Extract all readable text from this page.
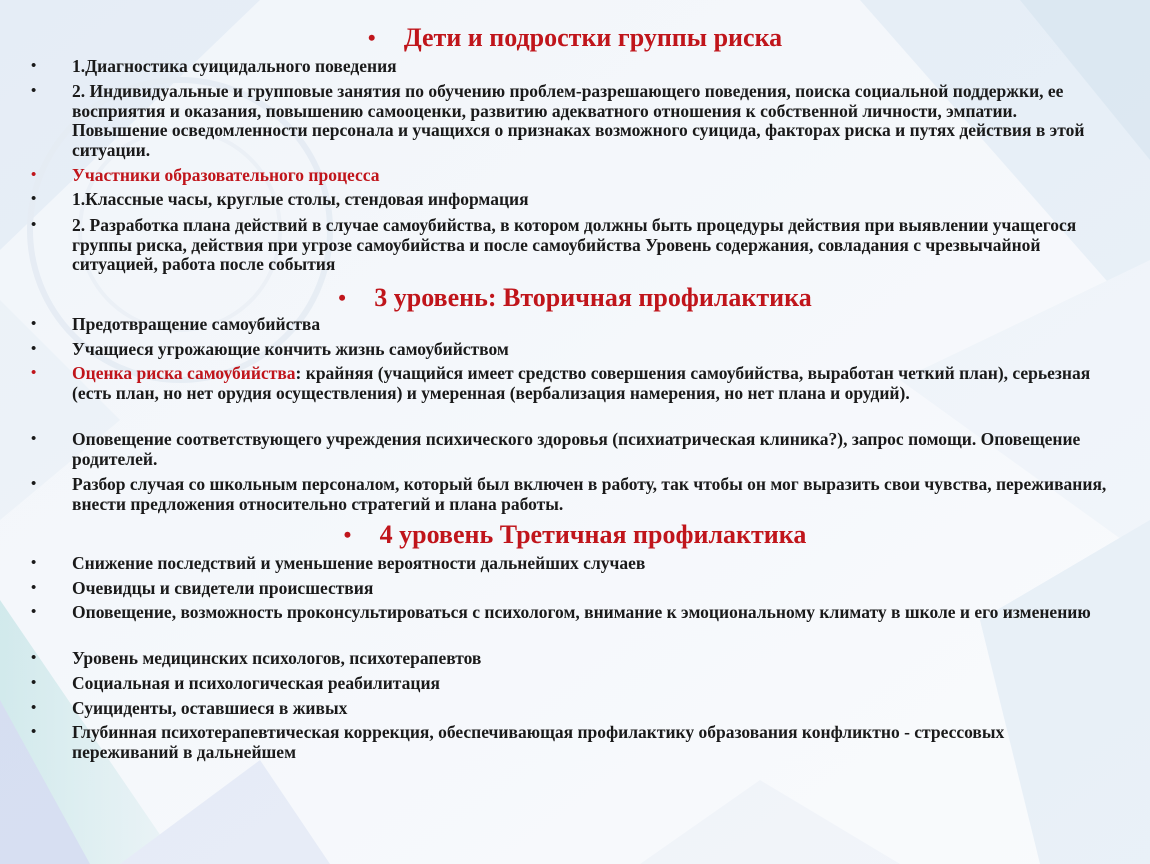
•	Дети и подростки группы риска
• 1.Диагностика суицидального поведения
• 2. Индивидуальные и групповые занятия по обучению проблем-разрешающего поведения, поиска социальной поддержки, ее восприятия и оказания, повышению самооценки, развитию адекватного отношения к собственной личности, эмпатии. Повышение осведомленности персонала и учащихся о признаках возможного суицида, факторах риска и путях действия в этой ситуации.
• Участники образовательного процесса
• 1.Классные часы, круглые столы, стендовая информация
• 2. Разработка плана действий в случае самоубийства, в котором должны быть процедуры действия при выявлении учащегося группы риска, действия при угрозе самоубийства и после самоубийства Уровень содержания, совладания с чрезвычайной ситуацией, работа после события
•	3 уровень: Вторичная профилактика
• Предотвращение самоубийства
• Учащиеся угрожающие кончить жизнь самоубийством
• Оценка риска самоубийства: крайняя (учащийся имеет средство совершения самоубийства, выработан четкий план), серьезная (есть план, но нет орудия осуществления) и умеренная (вербализация намерения, но нет плана и орудий).
• Оповещение соответствующего учреждения психического здоровья (психиатрическая клиника?), запрос помощи. Оповещение родителей.
• Разбор случая со школьным персоналом, который был включен в работу, так чтобы он мог выразить свои чувства, переживания, внести предложения относительно стратегий и плана работы.
•	4 уровень Третичная профилактика
• Снижение последствий и уменьшение вероятности дальнейших случаев
• Очевидцы и свидетели происшествия
• Оповещение, возможность проконсультироваться с психологом, внимание к эмоциональному климату в школе и его изменению
• Уровень медицинских психологов, психотерапевтов
• Социальная и психологическая реабилитация
• Суициденты, оставшиеся в живых
• Глубинная психотерапевтическая коррекция, обеспечивающая профилактику образования конфликтно - стрессовых переживаний в дальнейшем
